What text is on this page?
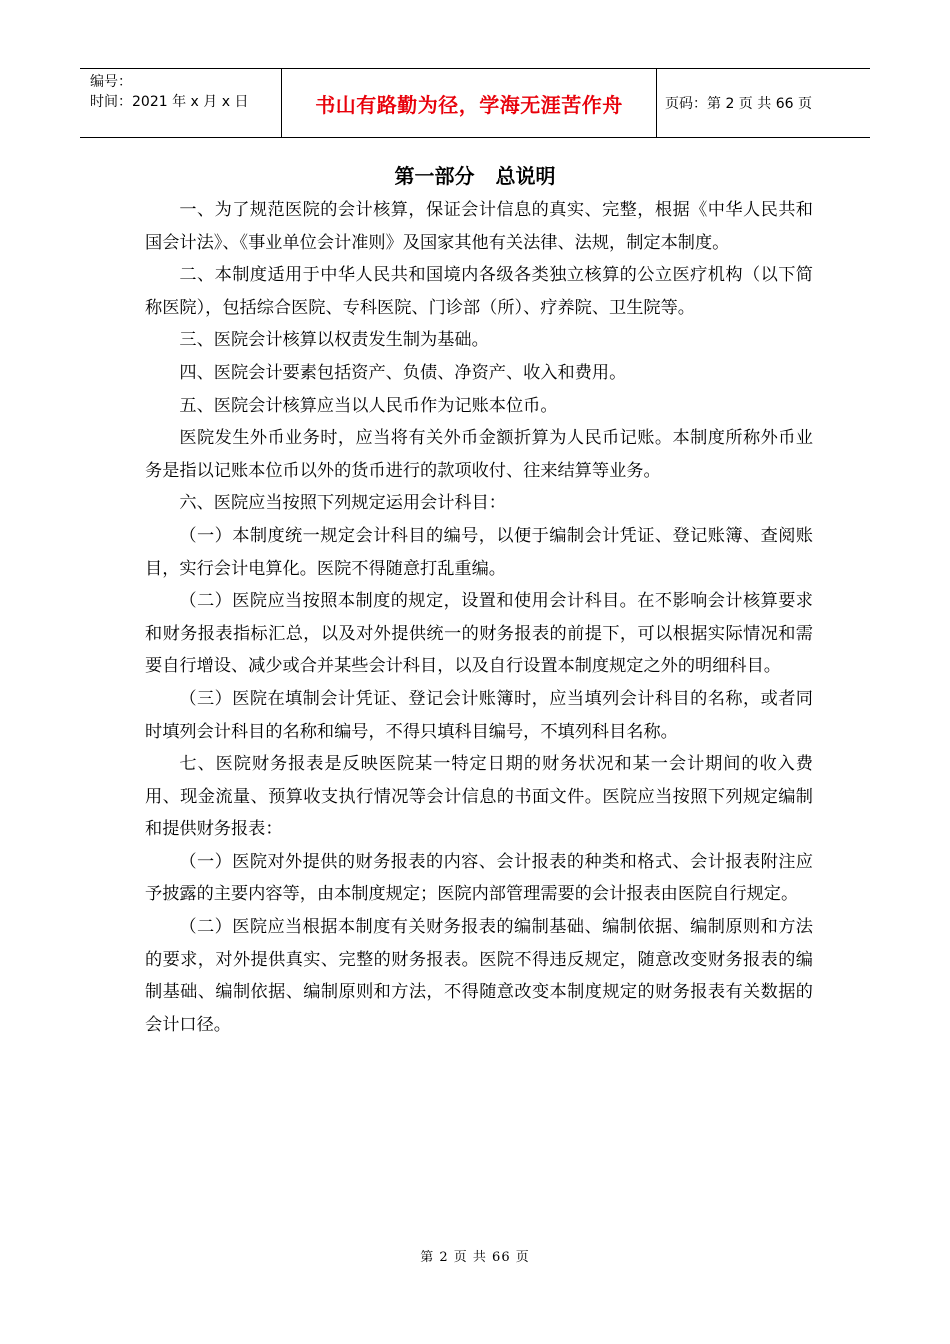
编号：
时间：2021 年 x 月 x 日	书山有路勤为径，学海无涯苦作舟	页码：第 2 页 共 66 页
第一部分 总说明

一、为了规范医院的会计核算，保证会计信息的真实、完整，根据《中华人民共和国会计法》、《事业单位会计准则》及国家其他有关法律、法规，制定本制度。

二、本制度适用于中华人民共和国境内各级各类独立核算的公立医疗机构（以下简称医院），包括综合医院、专科医院、门诊部（所）、疗养院、卫生院等。

三、医院会计核算以权责发生制为基础。

四、医院会计要素包括资产、负债、净资产、收入和费用。

五、医院会计核算应当以人民币作为记账本位币。

医院发生外币业务时，应当将有关外币金额折算为人民币记账。本制度所称外币业务是指以记账本位币以外的货币进行的款项收付、往来结算等业务。

六、医院应当按照下列规定运用会计科目：

（一）本制度统一规定会计科目的编号，以便于编制会计凭证、登记账簿、查阅账目，实行会计电算化。医院不得随意打乱重编。

（二）医院应当按照本制度的规定，设置和使用会计科目。在不影响会计核算要求和财务报表指标汇总，以及对外提供统一的财务报表的前提下，可以根据实际情况和需要自行增设、减少或合并某些会计科目，以及自行设置本制度规定之外的明细科目。

（三）医院在填制会计凭证、登记会计账簿时，应当填列会计科目的名称，或者同时填列会计科目的名称和编号，不得只填科目编号，不填列科目名称。

七、医院财务报表是反映医院某一特定日期的财务状况和某一会计期间的收入费用、现金流量、预算收支执行情况等会计信息的书面文件。医院应当按照下列规定编制和提供财务报表：

（一）医院对外提供的财务报表的内容、会计报表的种类和格式、会计报表附注应予披露的主要内容等，由本制度规定；医院内部管理需要的会计报表由医院自行规定。

（二）医院应当根据本制度有关财务报表的编制基础、编制依据、编制原则和方法的要求，对外提供真实、完整的财务报表。医院不得违反规定，随意改变财务报表的编制基础、编制依据、编制原则和方法，不得随意改变本制度规定的财务报表有关数据的会计口径。

第 2 页 共 66 页
